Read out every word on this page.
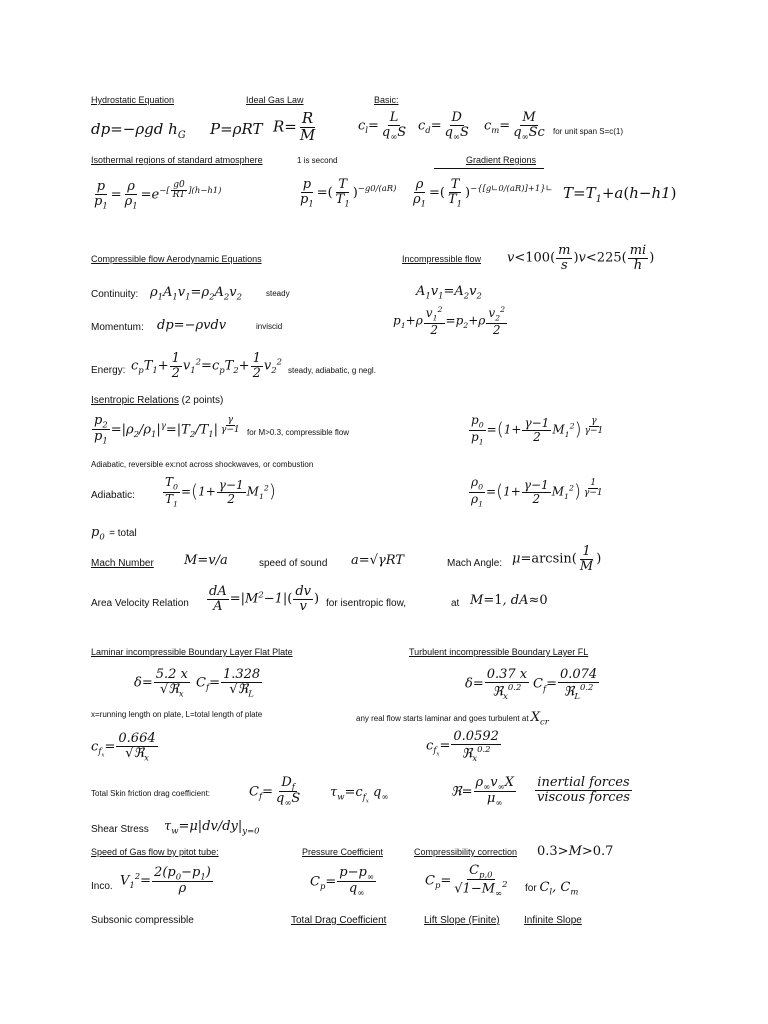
Hydrostatic Equation	Ideal Gas Law	Basic:
dp=−ρgd $h_G$ P=ρRT $R= \frac{R}{M}$	$c_l= \frac{L}{q_\infty S} c_d= \frac{D}{q_\infty S} c_m= \frac{M}{q_\infty Sc}$ for unit span S=c(1)
Isothermal regions of standard atmosphere	1 is second	Gradient Regions
$\frac{p}{p_1} = \frac{\rho}{\rho_1} =e^{-[ \frac{g0}{RT} ](h-h1)}$	$\frac{p}{p_1}$ =( $\frac{T}{T_1} )^{-g0/(aR)} \frac{\rho}{\rho_1}$ =( $\frac{T}{T_1} )^{-\{[g∟0/(aR)]+1\}∟}$ $T=T_1+a(h-h1)$
Compressible flow Aerodynamic Equations	Incompressible flow $v<100( \frac{m}{s} )v<225( \frac{mi}{h}$ )
Continuity: $\rho_1A_1v_1=\rho_2A_2v_2$	steady	$A_1v_1=A_2v_2$
Momentum: dp=−ρvdv	inviscid	$p_1+\rho \frac{v_1^2}{2} =p_2+\rho \frac{v_2^2}{2}$
Energy: $c_pT_1+ \frac{1}{2} v_1^2=c_pT_2+ \frac{1}{2} v_2^2$
steady, adiabatic, g negl.
Isentropic Relations (2 points)
$\frac{p_2}{p_1} =|\rho_2/\rho_1|^\gamma=|T_2/T_1|$ $^{\frac{\gamma}{\gamma-1}}$ for M>0.3, compressible flow	$\frac{p_0}{p_1} =(1+ \frac{\gamma-1}{2} M_1^2)$ $^{\frac{\gamma}{\gamma-1}}$
Adiabatic, reversible ex:not across shockwaves, or combustion
Adiabatic: $\frac{T_0}{T_1} =(1+ \frac{\gamma-1}{2} M_1^2)$	$\frac{\rho_0}{\rho_1} =(1+ \frac{\gamma-1}{2} M_1^2)$ $^{\frac{1}{\gamma-1}}$
$p_0$ = total
Mach Number M=v/a	speed of sound a=√γRT	Mach Angle: $\mu=\arcsin( \frac{1}{M}$ )
Area Velocity Relation $\frac{dA}{A} =|M^2-1|( \frac{dv}{v}$ ) for isentropic flow,	at M=1, dA≈0
Laminar incompressible Boundary Layer Flat Plate	Turbulent incompressible Boundary Layer FL
$\delta= \frac{5.2 x}{√ℜ_x} C_f= \frac{1.328}{√ℜ_L}$	$\delta= \frac{0.37 x}{ℜ_x^{0.2}} C_f= \frac{0.074}{ℜ_L^{0.2}}$
x=running length on plate, L=total length of plate	any real flow starts laminar and goes turbulent at $X_{cr}$
$c_{f_x}= \frac{0.664}{√ℜ_x}$	$c_{f_x}= \frac{0.0592}{ℜ_x^{0.2}}$
Total Skin friction drag coefficient:	$C_f= \frac{D_f}{q_\infty S} \tau_w=c_{f_x}$ $q_\infty$	ℜ= $\frac{\rho_\infty v_\infty X}{\mu_\infty} \frac{\text{inertial forces}}{\text{viscous forces}}$
Shear Stress $\tau_w=\mu|dv/dy|_{y=0}$
Speed of Gas flow by pitot tube:	Pressure Coefficient	Compressibility correction 0.3>M>0.7
Inco. $V_1^2= \frac{2(p_0-p_1)}{\rho}$	$C_p= \frac{p-p_\infty}{q_\infty}$	$C_p= \frac{C_{p,0}}{√1-M_\infty^2}$ for $C_l$, $C_m$
Subsonic compressible	Total Drag Coefficient	Lift Slope (Finite) Infinite Slope
